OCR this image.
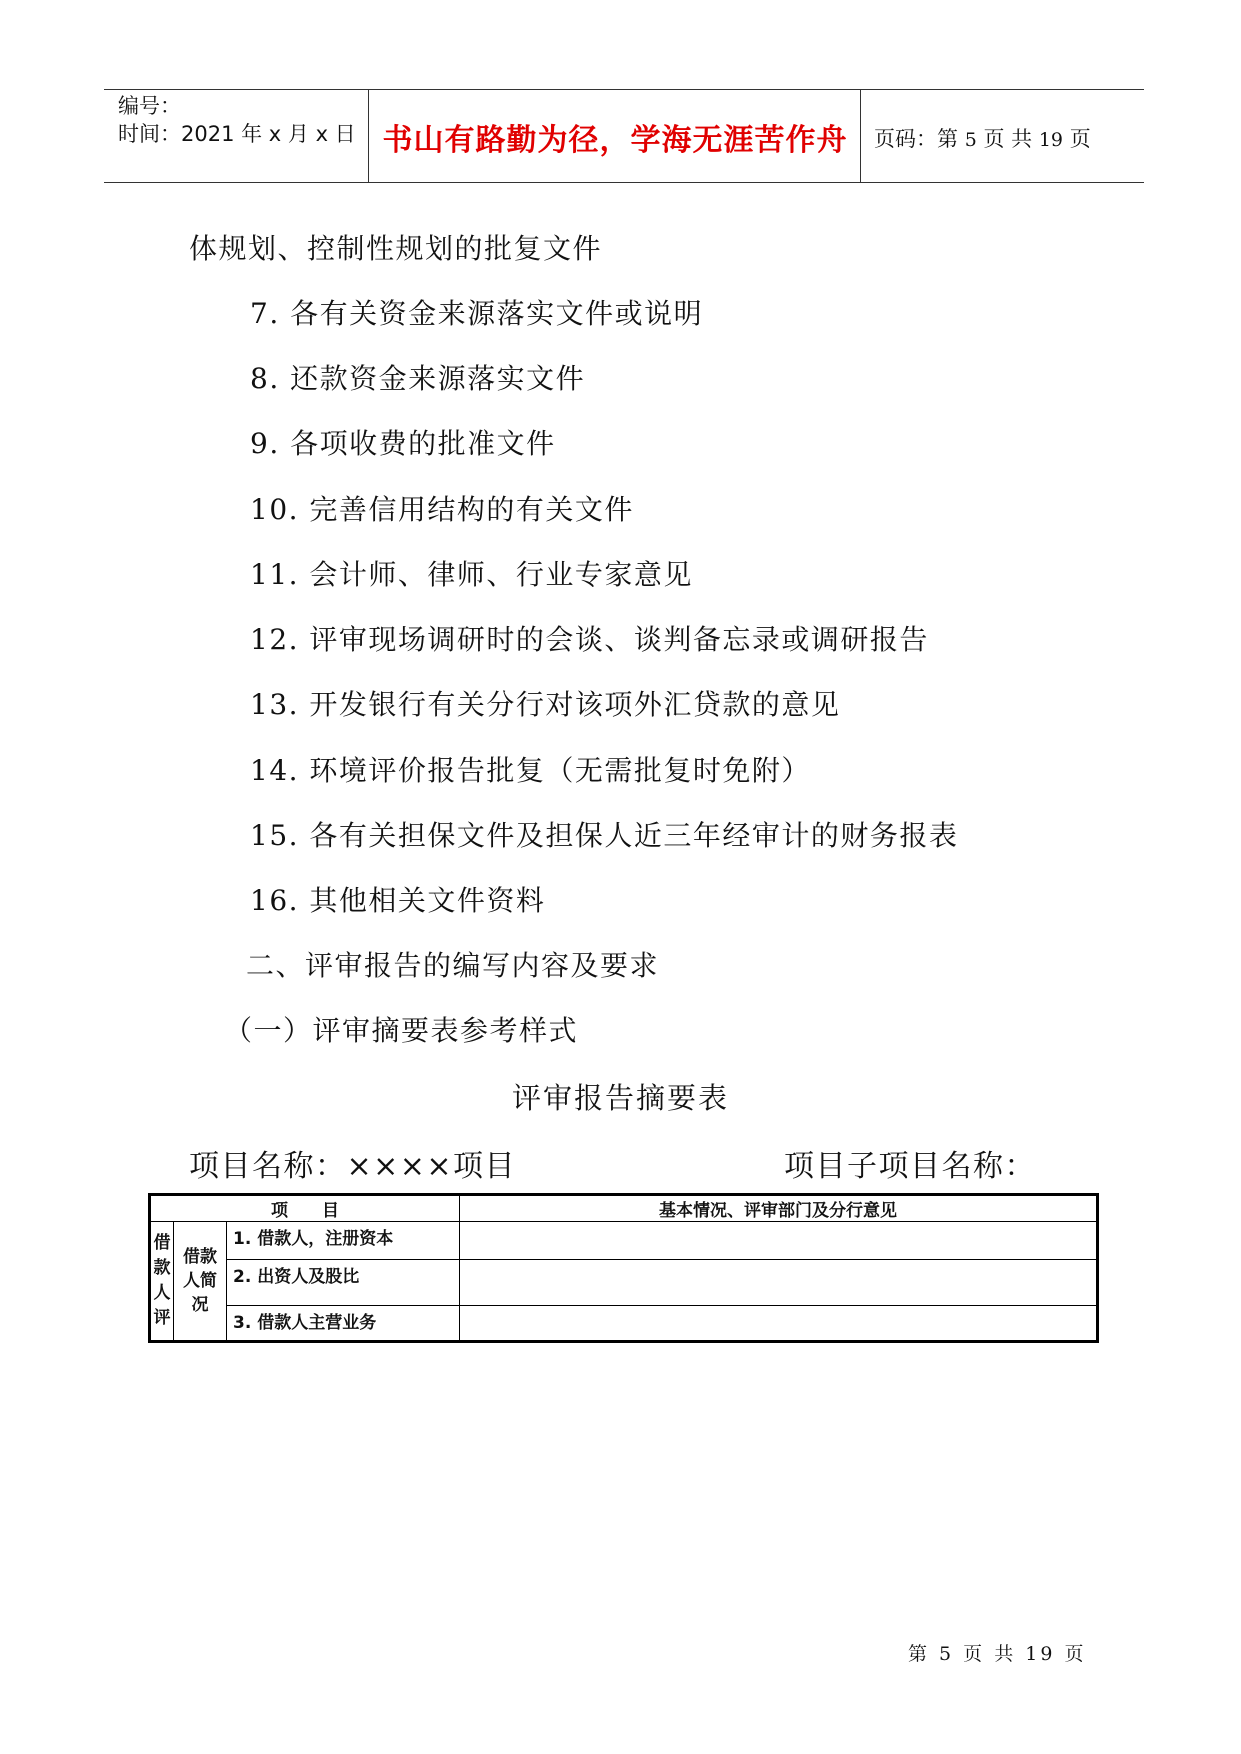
编号：
时间：2021 年 x 月 x 日 书山有路勤为径，学海无涯苦作舟	页码：第 5 页 共 19 页
体规划、控制性规划的批复文件
7. 各有关资金来源落实文件或说明
8. 还款资金来源落实文件
9. 各项收费的批准文件
10. 完善信用结构的有关文件
11. 会计师、律师、行业专家意见
12. 评审现场调研时的会谈、谈判备忘录或调研报告
13. 开发银行有关分行对该项外汇贷款的意见
14. 环境评价报告批复（无需批复时免附）
15. 各有关担保文件及担保人近三年经审计的财务报表
16. 其他相关文件资料
二、评审报告的编写内容及要求
（一）评审摘要表参考样式
评审报告摘要表
项目名称：××××项目	项目子项目名称：
项　　目			基本情况、评审部门及分行意见

借
款
人
评	借款人简况	1. 借款人，注册资本	
		2. 出资人及股比	
		3. 借款人主营业务	
第 5 页 共 19 页
